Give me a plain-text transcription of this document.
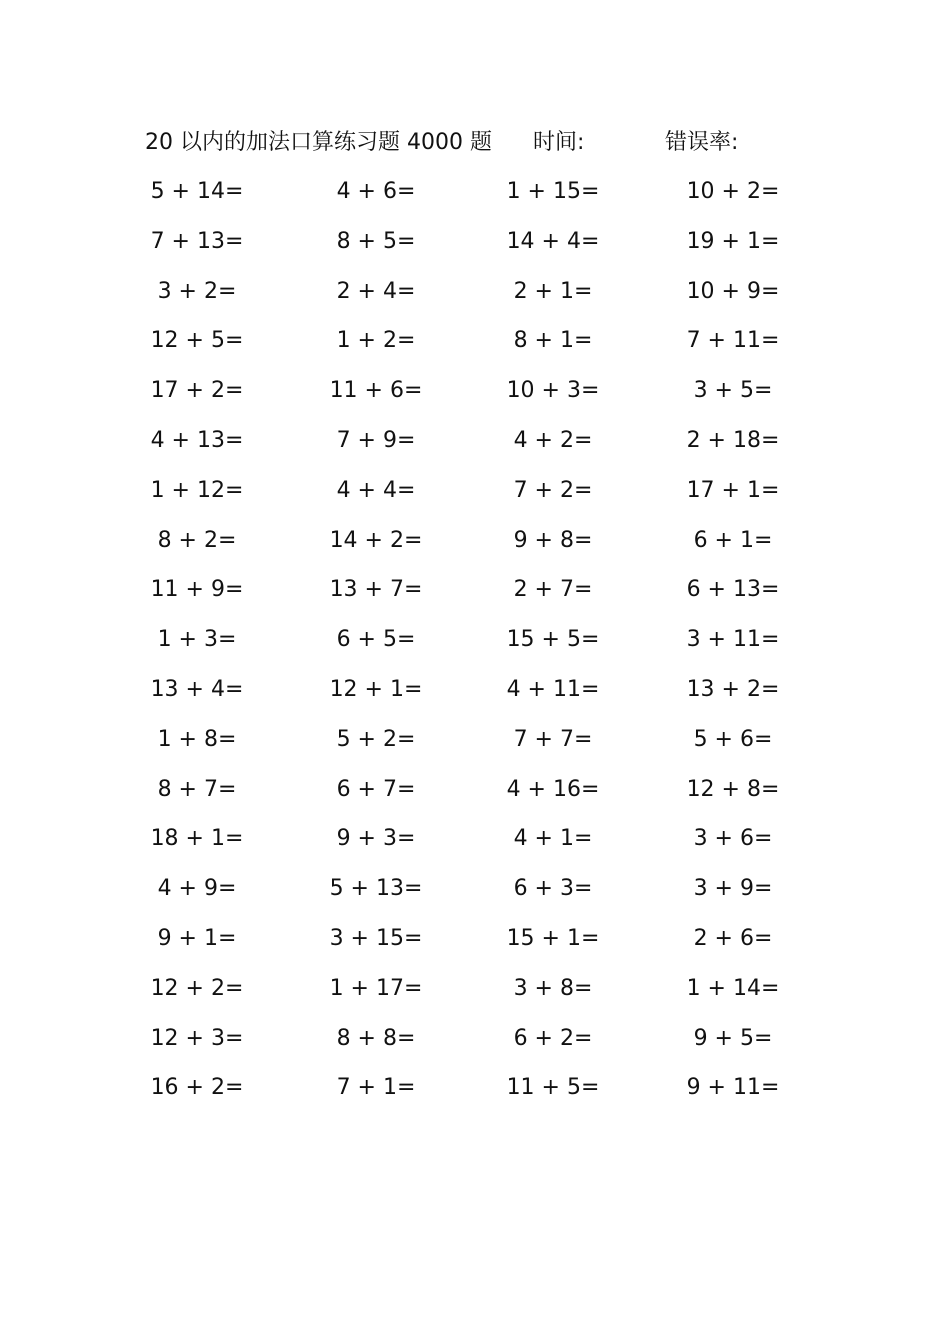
20 以内的加法口算练习题 4000 题 时间:	错误率:
5 + 14=	4 + 6=	1 + 15=	10 + 2=
7 + 13=	8 + 5=	14 + 4=	19 + 1=
3 + 2=	2 + 4=	2 + 1=	10 + 9=
12 + 5=	1 + 2=	8 + 1=	7 + 11=
17 + 2=	11 + 6=	10 + 3=	3 + 5=
4 + 13=	7 + 9=	4 + 2=	2 + 18=
1 + 12=	4 + 4=	7 + 2=	17 + 1=
8 + 2=	14 + 2=	9 + 8=	6 + 1=
11 + 9=	13 + 7=	2 + 7=	6 + 13=
1 + 3=	6 + 5=	15 + 5=	3 + 11=
13 + 4=	12 + 1=	4 + 11=	13 + 2=
1 + 8=	5 + 2=	7 + 7=	5 + 6=
8 + 7=	6 + 7=	4 + 16=	12 + 8=
18 + 1=	9 + 3=	4 + 1=	3 + 6=
4 + 9=	5 + 13=	6 + 3=	3 + 9=
9 + 1=	3 + 15=	15 + 1=	2 + 6=
12 + 2=	1 + 17=	3 + 8=	1 + 14=
12 + 3=	8 + 8=	6 + 2=	9 + 5=
16 + 2=	7 + 1=	11 + 5=	9 + 11=
